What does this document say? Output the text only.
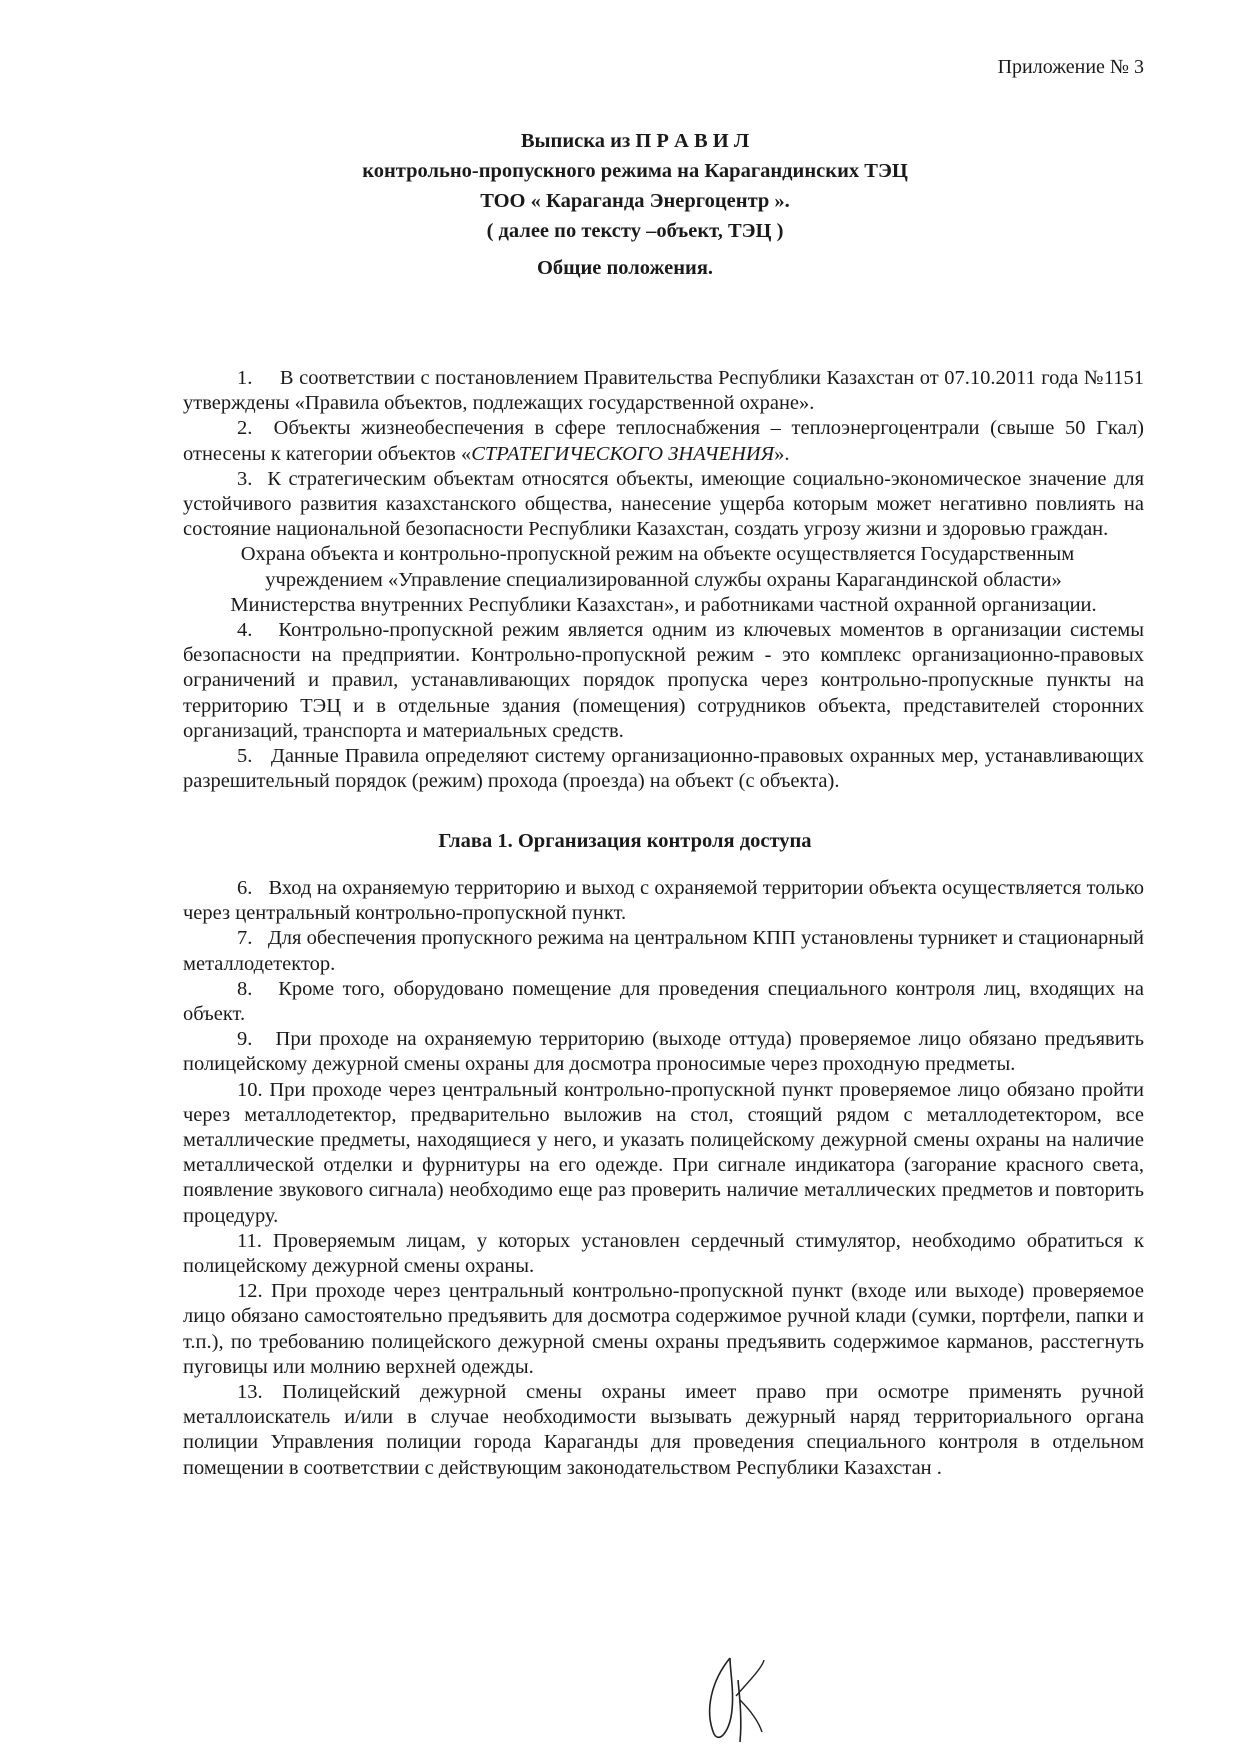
Приложение № 3
Выписка из П Р А В И Л
контрольно-пропускного режима на Карагандинских ТЭЦ
ТОО « Караганда Энергоцентр ».
( далее по тексту –объект, ТЭЦ )
Общие положения.

1. В соответствии с постановлением Правительства Республики Казахстан от 07.10.2011 года №1151 утверждены «Правила объектов, подлежащих государственной охране».

2. Объекты жизнеобеспечения в сфере теплоснабжения – теплоэнергоцентрали (свыше 50 Гкал) отнесены к категории объектов «СТРАТЕГИЧЕСКОГО ЗНАЧЕНИЯ».

3. К стратегическим объектам относятся объекты, имеющие социально-экономическое значение для устойчивого развития казахстанского общества, нанесение ущерба которым может негативно повлиять на состояние национальной безопасности Республики Казахстан, создать угрозу жизни и здоровью граждан.

Охрана объекта и контрольно-пропускной режим на объекте осуществляется Государственным

учреждением «Управление специализированной службы охраны Карагандинской области»

Министерства внутренних Республики Казахстан», и работниками частной охранной организации.

4. Контрольно-пропускной режим является одним из ключевых моментов в организации системы безопасности на предприятии. Контрольно-пропускной режим - это комплекс организационно-правовых ограничений и правил, устанавливающих порядок пропуска через контрольно-пропускные пункты на территорию ТЭЦ и в отдельные здания (помещения) сотрудников объекта, представителей сторонних организаций, транспорта и материальных средств.

5. Данные Правила определяют систему организационно-правовых охранных мер, устанавливающих разрешительный порядок (режим) прохода (проезда) на объект (с объекта).

Глава 1. Организация контроля доступа

6. Вход на охраняемую территорию и выход с охраняемой территории объекта осуществляется только через центральный контрольно-пропускной пункт.

7. Для обеспечения пропускного режима на центральном КПП установлены турникет и стационарный металлодетектор.

8. Кроме того, оборудовано помещение для проведения специального контроля лиц, входящих на объект.

9. При проходе на охраняемую территорию (выходе оттуда) проверяемое лицо обязано предъявить полицейскому дежурной смены охраны для досмотра проносимые через проходную предметы.

10. При проходе через центральный контрольно-пропускной пункт проверяемое лицо обязано пройти через металлодетектор, предварительно выложив на стол, стоящий рядом с металлодетектором, все металлические предметы, находящиеся у него, и указать полицейскому дежурной смены охраны на наличие металлической отделки и фурнитуры на его одежде. При сигнале индикатора (загорание красного света, появление звукового сигнала) необходимо еще раз проверить наличие металлических предметов и повторить процедуру.

11. Проверяемым лицам, у которых установлен сердечный стимулятор, необходимо обратиться к полицейскому дежурной смены охраны.

12. При проходе через центральный контрольно-пропускной пункт (входе или выходе) проверяемое лицо обязано самостоятельно предъявить для досмотра содержимое ручной клади (сумки, портфели, папки и т.п.), по требованию полицейского дежурной смены охраны предъявить содержимое карманов, расстегнуть пуговицы или молнию верхней одежды.

13. Полицейский дежурной смены охраны имеет право при осмотре применять ручной металлоискатель и/или в случае необходимости вызывать дежурный наряд территориального органа полиции Управления полиции города Караганды для проведения специального контроля в отдельном помещении в соответствии с действующим законодательством Республики Казахстан .
